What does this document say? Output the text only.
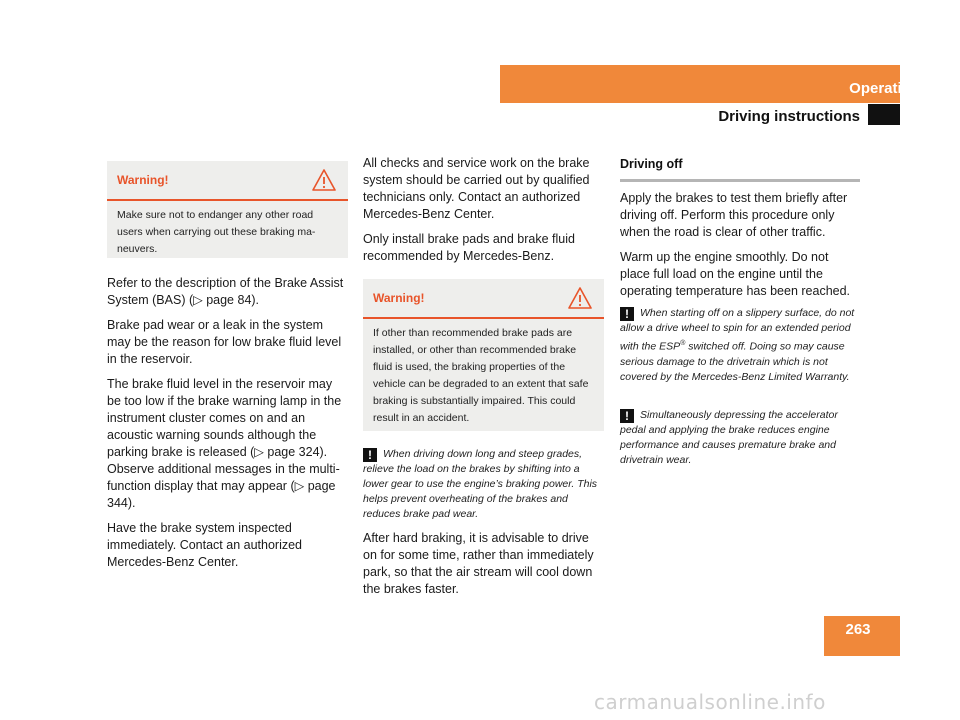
Operation
Driving instructions
Warning!
Make sure not to endanger any other road users when carrying out these braking ma-neuvers.

Refer to the description of the Brake Assist System (BAS) (▷ page 84).

Brake pad wear or a leak in the system may be the reason for low brake fluid level in the reservoir.

The brake fluid level in the reservoir may be too low if the brake warning lamp in the instrument cluster comes on and an acoustic warning sounds although the parking brake is released (▷ page 324). Observe additional messages in the multi-function display that may appear (▷ page 344).

Have the brake system inspected immediately. Contact an authorized Mercedes-Benz Center.

All checks and service work on the brake system should be carried out by qualified technicians only. Contact an authorized Mercedes-Benz Center.

Only install brake pads and brake fluid recommended by Mercedes-Benz.

Warning!
If other than recommended brake pads are installed, or other than recommended brake fluid is used, the braking properties of the vehicle can be degraded to an extent that safe braking is substantially impaired. This could result in an accident.
! When driving down long and steep grades, relieve the load on the brakes by shifting into a lower gear to use the engine’s braking power. This helps prevent overheating of the brakes and reduces brake pad wear.

After hard braking, it is advisable to drive on for some time, rather than immediately park, so that the air stream will cool down the brakes faster.

Driving off

Apply the brakes to test them briefly after driving off. Perform this procedure only when the road is clear of other traffic.

Warm up the engine smoothly. Do not place full load on the engine until the operating temperature has been reached.

! When starting off on a slippery surface, do not allow a drive wheel to spin for an extended period with the ESP® switched off. Doing so may cause serious damage to the drivetrain which is not covered by the Mercedes-Benz Limited Warranty.
! Simultaneously depressing the accelerator pedal and applying the brake reduces engine performance and causes premature brake and drivetrain wear.
263
carmanualsonline.info
